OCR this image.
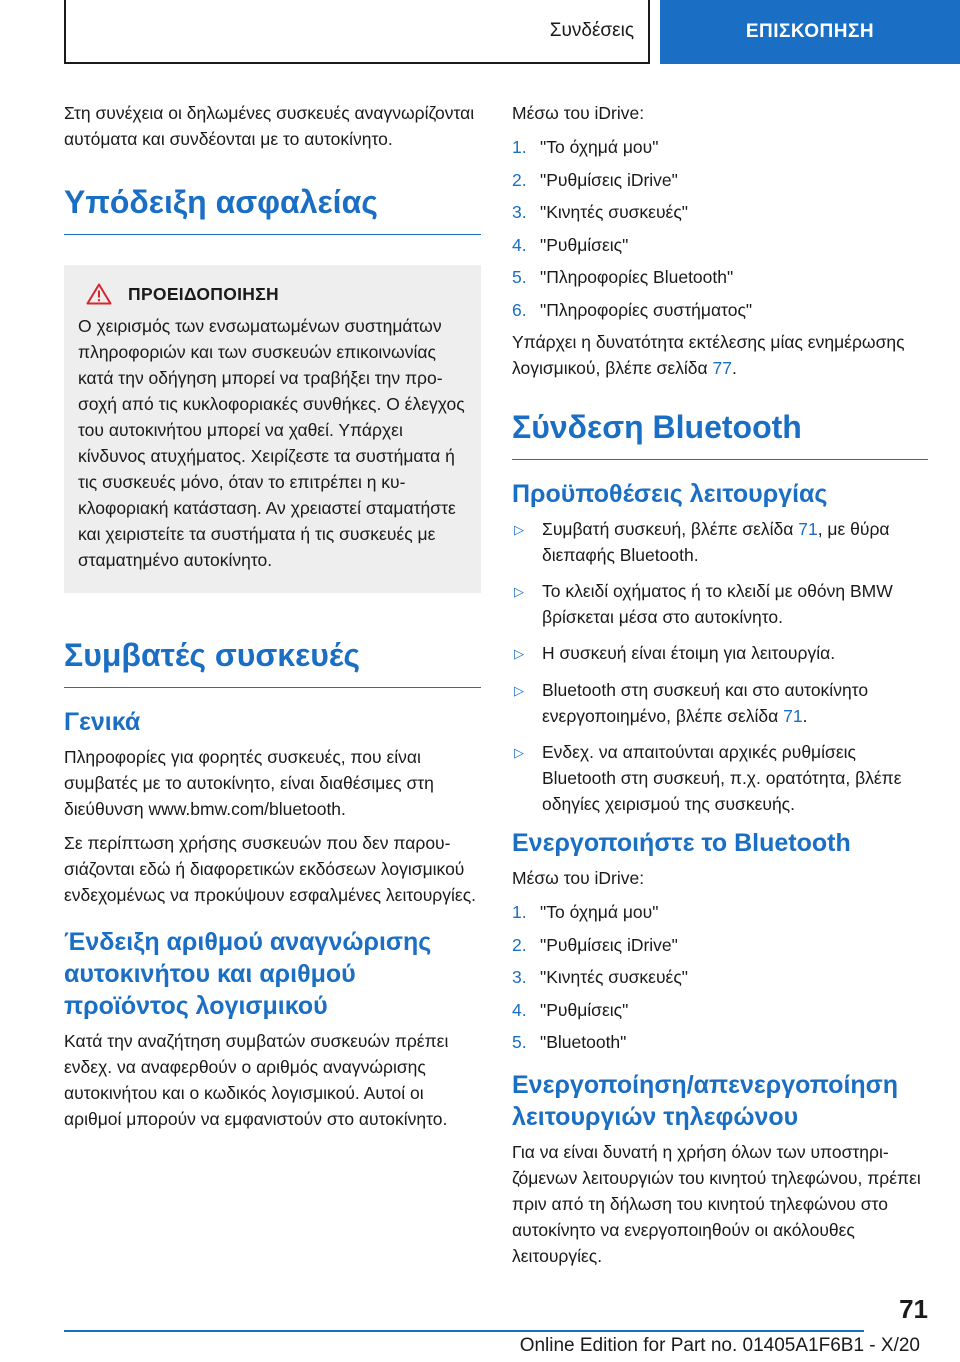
Συνδέσεις	ΕΠΙΣΚΟΠΗΣΗ

Στη συνέχεια οι δηλωμένες συσκευές αναγνωρίζονται αυτόματα και συνδέονται με το αυτοκίνητο.

Υπόδειξη ασφαλείας
ΠΡΟΕΙΔΟΠΟΙΗΣΗ

Ο χειρισμός των ενσωματωμένων συστημάτων πληροφοριών και των συσκευών επικοινωνίας κατά την οδήγηση μπορεί να τραβήξει την προσοχή από τις κυκλοφοριακές συνθήκες. Ο έλεγχος του αυτοκινήτου μπορεί να χαθεί. Υπάρχει κίνδυνος ατυχήματος. Χειρίζεστε τα συστήματα ή τις συσκευές μόνο, όταν το επιτρέπει η κυκλοφοριακή κατάσταση. Αν χρειαστεί σταματήστε και χειριστείτε τα συστήματα ή τις συσκευές με σταματημένο αυτοκίνητο.

Συμβατές συσκευές
Γενικά

Πληροφορίες για φορητές συσκευές, που είναι συμβατές με το αυτοκίνητο, είναι διαθέσιμες στη διεύθυνση www.bmw.com/bluetooth.

Σε περίπτωση χρήσης συσκευών που δεν παρουσιάζονται εδώ ή διαφορετικών εκδόσεων λογισμικού ενδεχομένως να προκύψουν εσφαλμένες λειτουργίες.

Ένδειξη αριθμού αναγνώρισης αυτοκινήτου και αριθμού προϊόντος λογισμικού

Κατά την αναζήτηση συμβατών συσκευών πρέπει ενδεχ. να αναφερθούν ο αριθμός αναγνώρισης αυτοκινήτου και ο κωδικός λογισμικού. Αυτοί οι αριθμοί μπορούν να εμφανιστούν στο αυτοκίνητο.

Μέσω του iDrive:

1. "Το όχημά μου"
2. "Ρυθμίσεις iDrive"
3. "Κινητές συσκευές"
4. "Ρυθμίσεις"
5. "Πληροφορίες Bluetooth"
6. "Πληροφορίες συστήματος"

Υπάρχει η δυνατότητα εκτέλεσης μίας ενημέρωσης λογισμικού, βλέπε σελίδα 77.

Σύνδεση Bluetooth
Προϋποθέσεις λειτουργίας
▷	Συμβατή συσκευή, βλέπε σελίδα 71, με θύρα διεπαφής Bluetooth.
▷	Το κλειδί οχήματος ή το κλειδί με οθόνη BMW βρίσκεται μέσα στο αυτοκίνητο.
▷	Η συσκευή είναι έτοιμη για λειτουργία.
▷	Bluetooth στη συσκευή και στο αυτοκίνητο ενεργοποιημένο, βλέπε σελίδα 71.
▷	Ενδεχ. να απαιτούνται αρχικές ρυθμίσεις Bluetooth στη συσκευή, π.χ. ορατότητα, βλέπε οδηγίες χειρισμού της συσκευής.
Ενεργοποιήστε το Bluetooth

Μέσω του iDrive:

1. "Το όχημά μου"
2. "Ρυθμίσεις iDrive"
3. "Κινητές συσκευές"
4. "Ρυθμίσεις"
5. "Bluetooth"
Ενεργοποίηση/απενεργοποίηση λειτουργιών τηλεφώνου

Για να είναι δυνατή η χρήση όλων των υποστηριζόμενων λειτουργιών του κινητού τηλεφώνου, πρέπει πριν από τη δήλωση του κινητού τηλεφώνου στο αυτοκίνητο να ενεργοποιηθούν οι ακόλουθες λειτουργίες.

71
Online Edition for Part no. 01405A1F6B1 - X/20
